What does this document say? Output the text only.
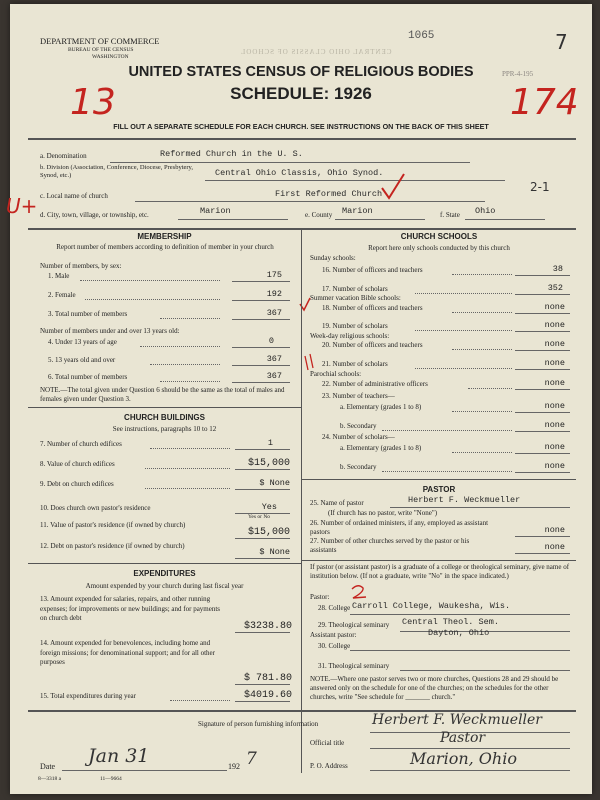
DEPARTMENT OF COMMERCE
BUREAU OF THE CENSUS
WASHINGTON
1065	7
CENTRAL OHIO CLASSIS OF SCHOOL
PPR-4-195
UNITED STATES CENSUS OF RELIGIOUS BODIES
SCHEDULE: 1926
FILL OUT A SEPARATE SCHEDULE FOR EACH CHURCH. SEE INSTRUCTIONS ON THE BACK OF THIS SHEET
13	174
a. Denomination	Reformed Church in the U. S.
b. Division (Association, Conference, Diocese, Presbytery, Synod, etc.)	Central Ohio Classis, Ohio Synod.
c. Local name of church	First Reformed Church	2-1
d. City, town, village, or township, etc.	Marion	e. County Marion	f. State Ohio
U+
MEMBERSHIP
Report number of members according to definition of member in your church
Number of members, by sex:
1. Male	175
2. Female	192
3. Total number of members	367
Number of members under and over 13 years old:
4. Under 13 years of age	0
5. 13 years old and over	367
6. Total number of members	367
NOTE.—The total given under Question 6 should be the same as the total of males and females given under Question 3.
CHURCH BUILDINGS
See instructions, paragraphs 10 to 12
7. Number of church edifices	1
8. Value of church edifices	$15,000
9. Debt on church edifices	$ None
10. Does church own pastor's residence	Yes
Yes or No
11. Value of pastor's residence (if owned by church)
$15,000
12. Debt on pastor's residence (if owned by church)
$ None
EXPENDITURES
Amount expended by your church during last fiscal year
13. Amount expended for salaries, repairs, and other running expenses; for improvements or new buildings; and for payments on church debt
$3238.80
14. Amount expended for benevolences, including home and foreign missions; for denominational support; and for all other purposes
$ 781.80
15. Total expenditures during year	$4019.60
CHURCH SCHOOLS
Report here only schools conducted by this church
Sunday schools:
16. Number of officers and teachers	38
17. Number of scholars	352
Summer vacation Bible schools:
18. Number of officers and teachers	none
19. Number of scholars	none
Week-day religious schools:
20. Number of officers and teachers	none
21. Number of scholars	none
Parochial schools:
22. Number of administrative officers	none
23. Number of teachers—
a. Elementary (grades 1 to 8)	none
b. Secondary	none
24. Number of scholars—
a. Elementary (grades 1 to 8)	none
b. Secondary	none
PASTOR
25. Name of pastor	Herbert F. Weckmueller
(If church has no pastor, write "None")
26. Number of ordained ministers, if any, employed as assistant pastors	none
27. Number of other churches served by the pastor or his assistants	none
If pastor (or assistant pastor) is a graduate of a college or theological seminary, give name of institution below. (If not a graduate, write "No" in the space indicated.)
Pastor:
28. College Carroll College, Waukesha, Wis.
29. Theological seminary Central Theol. Sem.
Dayton, Ohio
Assistant pastor:
30. College
31. Theological seminary
NOTE.—Where one pastor serves two or more churches, Questions 28 and 29 should be answered only on the schedule for one of the churches; on the schedules for the other churches, write "See schedule for _______ church."
Signature of person furnishing information	Herbert F. Weckmueller
Official title	Pastor
Date Jan 31	192 7	P. O. Address	Marion, Ohio
8—3318 a	11—9664
